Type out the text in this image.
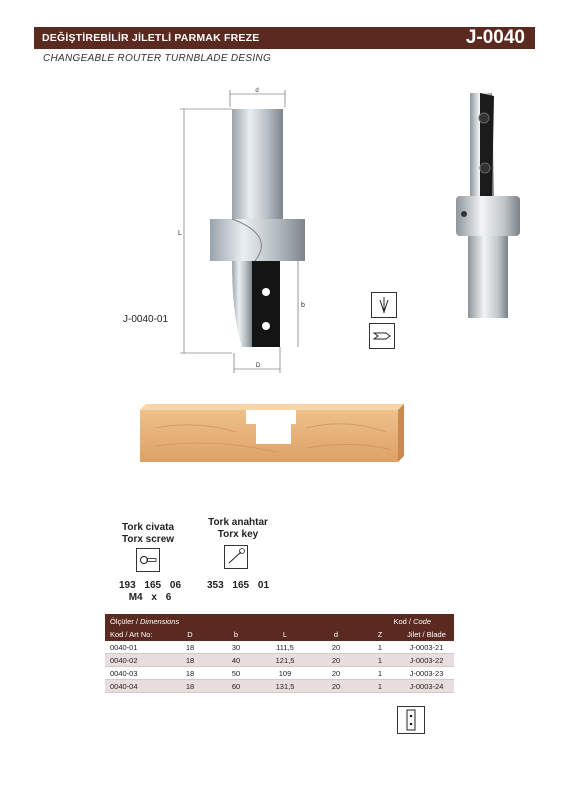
DEĞİŞTİREBİLİR JİLETLİ PARMAK FREZE	J-0040
CHANGEABLE ROUTER TURNBLADE DESING
d
L
b
D
J-0040-01
Tork civata
Torx screw
193 165 06
M4 x 6
Tork anahtar
Torx key
353 165 01
Ölçüler / Dimensions	Kod / Code
Kod / Art No:	D	b	L	d	Z	Jilet / Blade
0040-01	18	30	111,5	20	1	J-0003-21
0040-02	18	40	121,5	20	1	J-0003-22
0040-03	18	50	109	20	1	J-0003-23
0040-04	18	60	131,5	20	1	J-0003-24
